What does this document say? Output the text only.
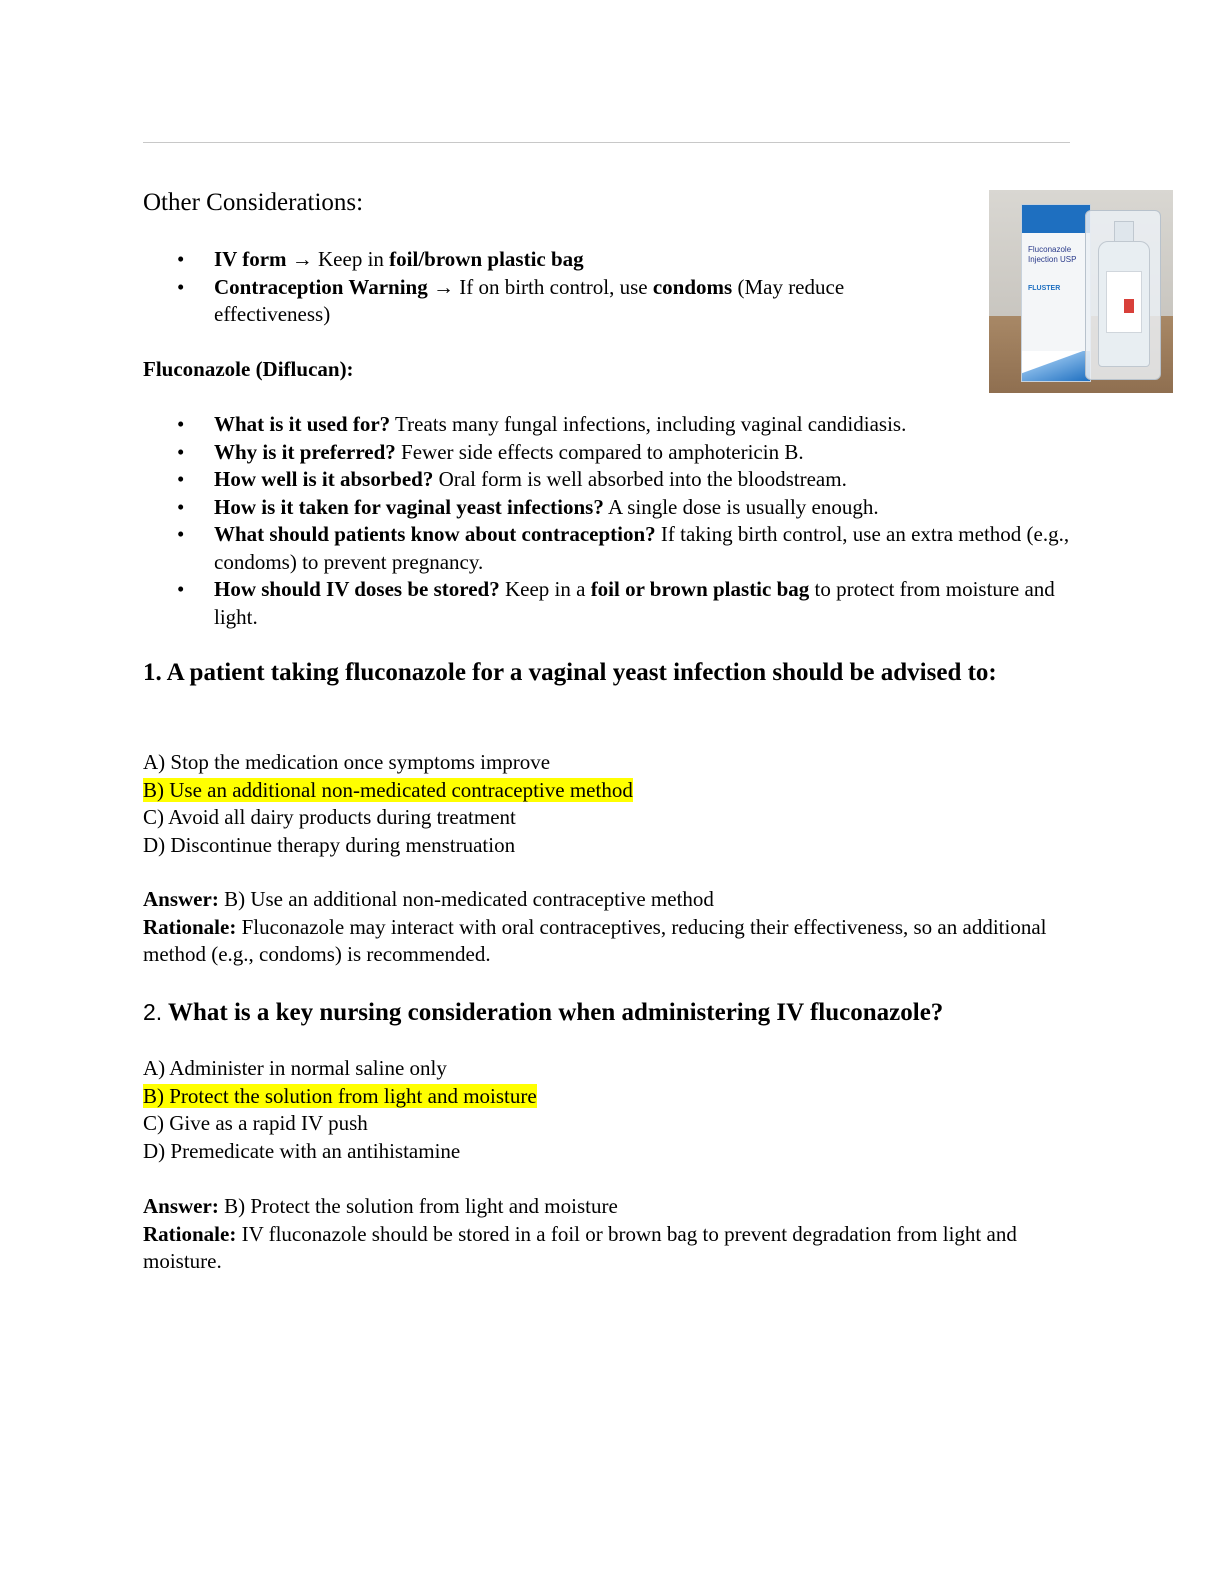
Fluconazole Injection USP
FLUSTER
Other Considerations:
• IV form → Keep in foil/brown plastic bag
• Contraception Warning → If on birth control, use condoms (May reduce effectiveness)

Fluconazole (Diflucan):

• What is it used for? Treats many fungal infections, including vaginal candidiasis.
• Why is it preferred? Fewer side effects compared to amphotericin B.
• How well is it absorbed? Oral form is well absorbed into the bloodstream.
• How is it taken for vaginal yeast infections? A single dose is usually enough.
• What should patients know about contraception? If taking birth control, use an extra method (e.g., condoms) to prevent pregnancy.
• How should IV doses be stored? Keep in a foil or brown plastic bag to protect from moisture and light.
1. A patient taking fluconazole for a vaginal yeast infection should be advised to:
A) Stop the medication once symptoms improve
B) Use an additional non-medicated contraceptive method
C) Avoid all dairy products during treatment
D) Discontinue therapy during menstruation
Answer: B) Use an additional non-medicated contraceptive method
Rationale: Fluconazole may interact with oral contraceptives, reducing their effectiveness, so an additional method (e.g., condoms) is recommended.
2. What is a key nursing consideration when administering IV fluconazole?
A) Administer in normal saline only
B) Protect the solution from light and moisture
C) Give as a rapid IV push
D) Premedicate with an antihistamine
Answer: B) Protect the solution from light and moisture
Rationale: IV fluconazole should be stored in a foil or brown bag to prevent degradation from light and moisture.
